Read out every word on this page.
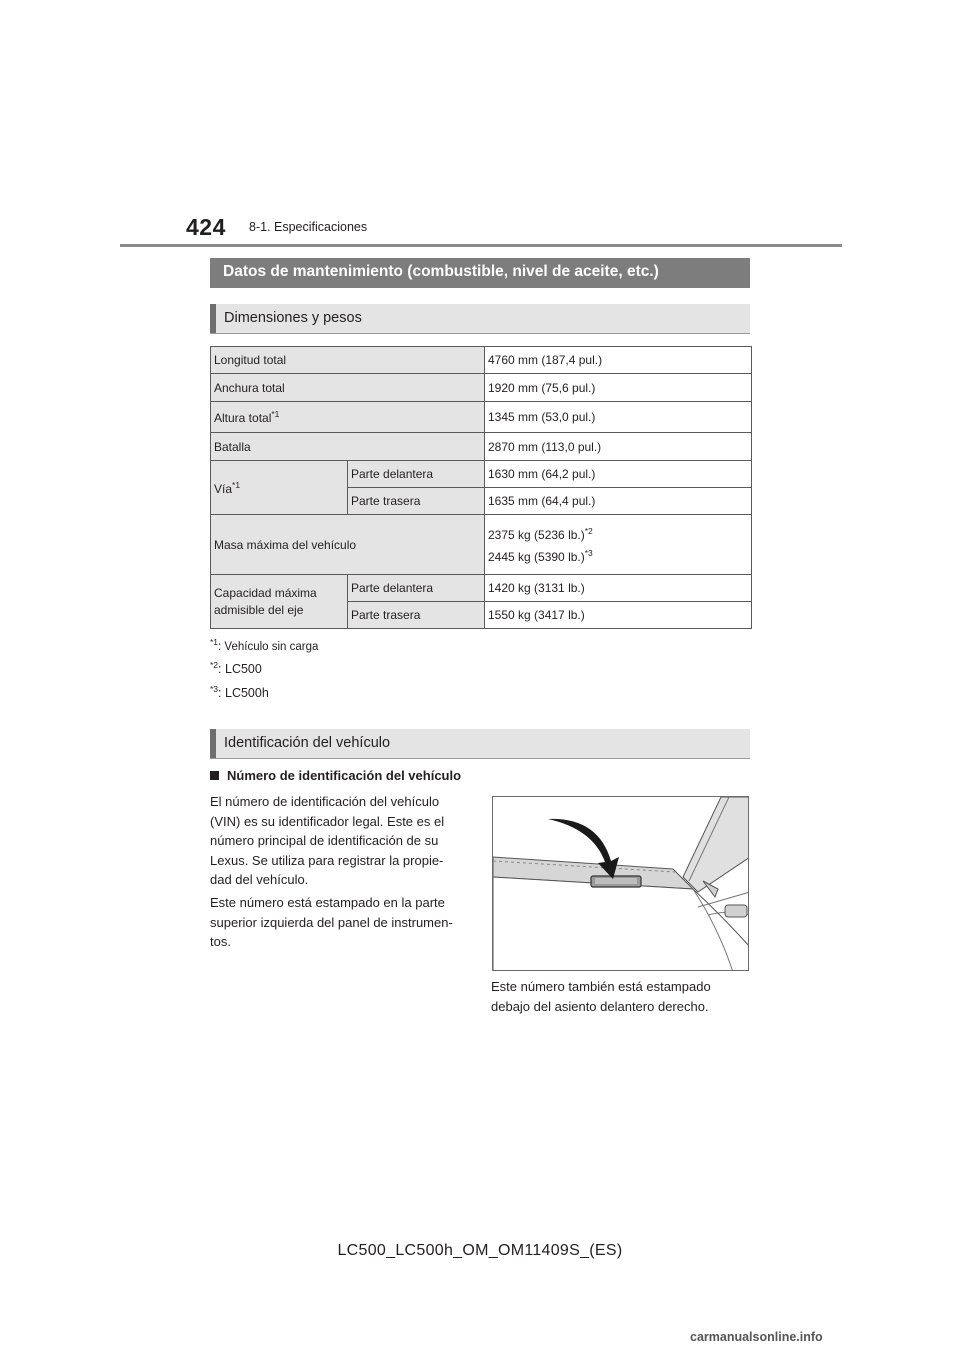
424 8-1. Especificaciones
Datos de mantenimiento (combustible, nivel de aceite, etc.)
Dimensiones y pesos
Longitud total		4760 mm (187,4 pul.)
Anchura total		1920 mm (75,6 pul.)
Altura total$^{*1}$		1345 mm (53,0 pul.)
Batalla		2870 mm (113,0 pul.)
Vía$^{*1}$	Parte delantera	1630 mm (64,2 pul.)
	Parte trasera	1635 mm (64,4 pul.)
Masa máxima del vehículo		2375 kg (5236 lb.)$^{*2}$
2445 kg (5390 lb.)$^{*3}$

Capacidad máxima
admisible del eje	Parte delantera	1420 kg (3131 lb.)
	Parte trasera	1550 kg (3417 lb.)
$^{*1}$: Vehículo sin carga
$^{*2}$: LC500
$^{*3}$: LC500h
Identificación del vehículo
Número de identificación del vehículo
El número de identificación del vehículo
(VIN) es su identificador legal. Este es el
número principal de identificación de su
Lexus. Se utiliza para registrar la propie-
dad del vehículo.
Este número está estampado en la parte
superior izquierda del panel de instrumen-
tos.
Este número también está estampado
debajo del asiento delantero derecho.
LC500_LC500h_OM_OM11409S_(ES)
carmanualsonline.info
